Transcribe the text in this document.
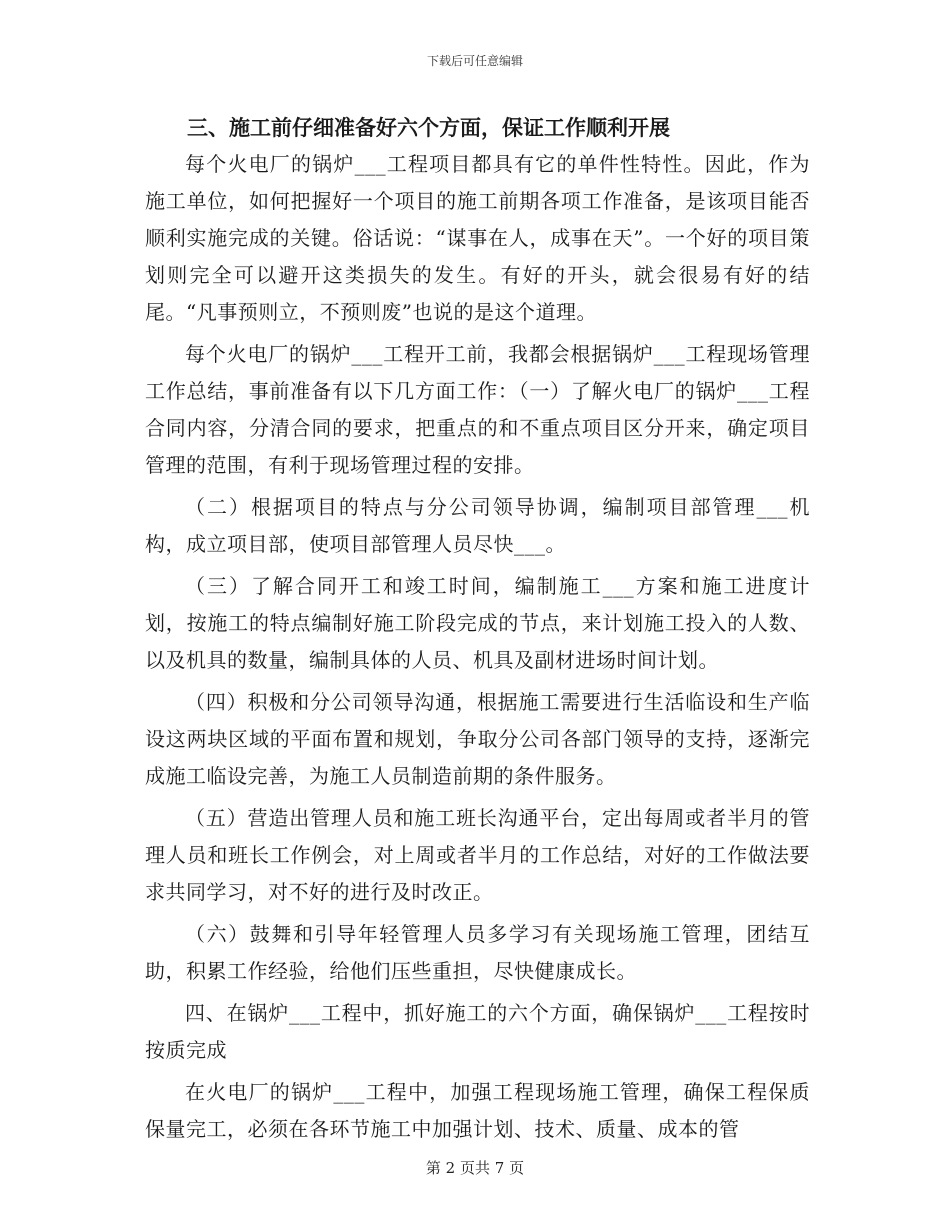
下载后可任意编辑
三、施工前仔细准备好六个方面，保证工作顺利开展

每个火电厂的锅炉___工程项目都具有它的单件性特性。因此，作为施工单位，如何把握好一个项目的施工前期各项工作准备，是该项目能否顺利实施完成的关键。俗话说：“谋事在人，成事在天”。一个好的项目策划则完全可以避开这类损失的发生。有好的开头，就会很易有好的结尾。“凡事预则立，不预则废”也说的是这个道理。

每个火电厂的锅炉___工程开工前，我都会根据锅炉___工程现场管理工作总结，事前准备有以下几方面工作：（一）了解火电厂的锅炉___工程合同内容，分清合同的要求，把重点的和不重点项目区分开来，确定项目管理的范围，有利于现场管理过程的安排。

（二）根据项目的特点与分公司领导协调，编制项目部管理___机构，成立项目部，使项目部管理人员尽快___。

（三）了解合同开工和竣工时间，编制施工___方案和施工进度计划，按施工的特点编制好施工阶段完成的节点，来计划施工投入的人数、以及机具的数量，编制具体的人员、机具及副材进场时间计划。

（四）积极和分公司领导沟通，根据施工需要进行生活临设和生产临设这两块区域的平面布置和规划，争取分公司各部门领导的支持，逐渐完成施工临设完善，为施工人员制造前期的条件服务。

（五）营造出管理人员和施工班长沟通平台，定出每周或者半月的管理人员和班长工作例会，对上周或者半月的工作总结，对好的工作做法要求共同学习，对不好的进行及时改正。

（六）鼓舞和引导年轻管理人员多学习有关现场施工管理，团结互助，积累工作经验，给他们压些重担，尽快健康成长。

四、在锅炉___工程中，抓好施工的六个方面，确保锅炉___工程按时按质完成

在火电厂的锅炉___工程中，加强工程现场施工管理，确保工程保质保量完工，必须在各环节施工中加强计划、技术、质量、成本的管

第 2 页共 7 页
